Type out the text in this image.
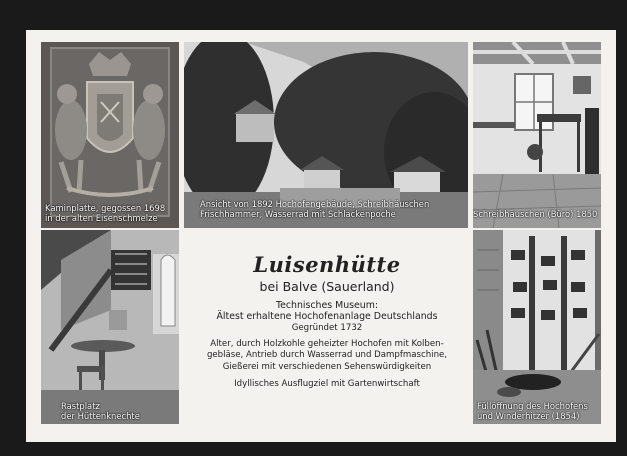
Kaminplatte, gegossen 1698
in der alten Eisenschmelze
Ansicht von 1892 Hochofengebäude, Schreibhäuschen
Frischhammer, Wasserrad mit Schlackenpoche	Schreibhäuschen (Büro) 1850
Rastplatz
der Hüttenknechte
Luisenhütte
bei Balve (Sauerland)
Technisches Museum:
Ältest erhaltene Hochofenanlage Deutschlands
Gegründet 1732
Alter, durch Holzkohle geheizter Hochofen mit Kolben-
gebläse, Antrieb durch Wasserrad und Dampfmaschine,
Gießerei mit verschiedenen Sehenswürdigkeiten
Idyllisches Ausflugziel mit Gartenwirtschaft
Füllöffnung des Hochofens
und Winderhitzer (1854)
